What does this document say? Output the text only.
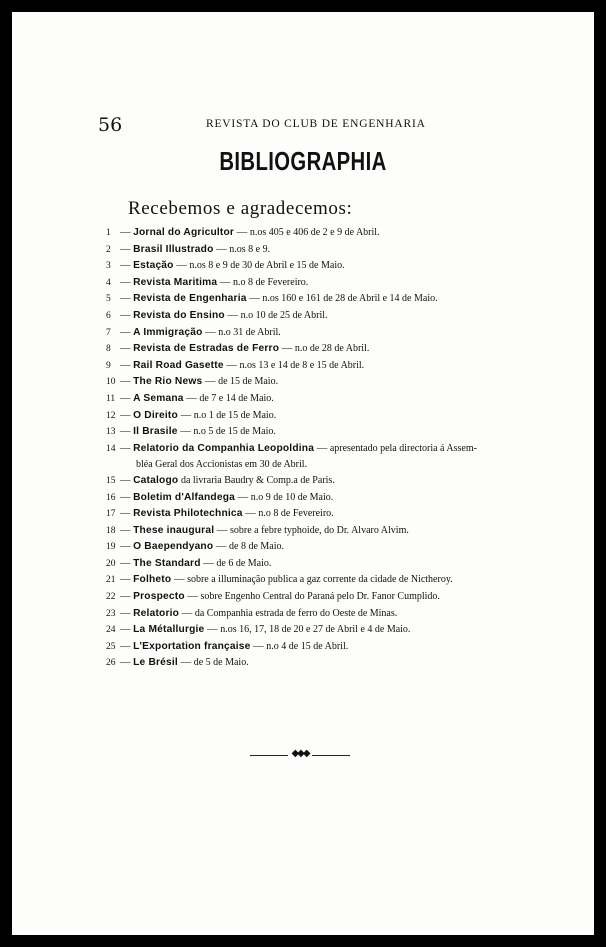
56	REVISTA DO CLUB DE ENGENHARIA
BIBLIOGRAPHIA
Recebemos e agradecemos:
1 — Jornal do Agricultor — n.os 405 e 406 de 2 e 9 de Abril.
2 — Brasil Illustrado — n.os 8 e 9.
3 — Estação — n.os 8 e 9 de 30 de Abril e 15 de Maio.
4 — Revista Maritima — n.o 8 de Fevereiro.
5 — Revista de Engenharia — n.os 160 e 161 de 28 de Abril e 14 de Maio.
6 — Revista do Ensino — n.o 10 de 25 de Abril.
7 — A Immigração — n.o 31 de Abril.
8 — Revista de Estradas de Ferro — n.o de 28 de Abril.
9 — Rail Road Gasette — n.os 13 e 14 de 8 e 15 de Abril.
10 — The Rio News — de 15 de Maio.
11 — A Semana — de 7 e 14 de Maio.
12 — O Direito — n.o 1 de 15 de Maio.
13 — Il Brasile — n.o 5 de 15 de Maio.
14 — Relatorio da Companhia Leopoldina — apresentado pela directoria á Assem-
bléa Geral dos Accionistas em 30 de Abril.
15 — Catalogo da livraria Baudry & Comp.a de Paris.
16 — Boletim d'Alfandega — n.o 9 de 10 de Maio.
17 — Revista Philotechnica — n.o 8 de Fevereiro.
18 — These inaugural — sobre a febre typhoide, do Dr. Alvaro Alvim.
19 — O Baependyano — de 8 de Maio.
20 — The Standard — de 6 de Maio.
21 — Folheto — sobre a illuminação publica a gaz corrente da cidade de Nictheroy.
22 — Prospecto — sobre Engenho Central do Paraná pelo Dr. Fanor Cumplido.
23 — Relatorio — da Companhia estrada de ferro do Oeste de Minas.
24 — La Métallurgie — n.os 16, 17, 18 de 20 e 27 de Abril e 4 de Maio.
25 — L'Exportation française — n.o 4 de 15 de Abril.
26 — Le Brésil — de 5 de Maio.
◆◆◆
